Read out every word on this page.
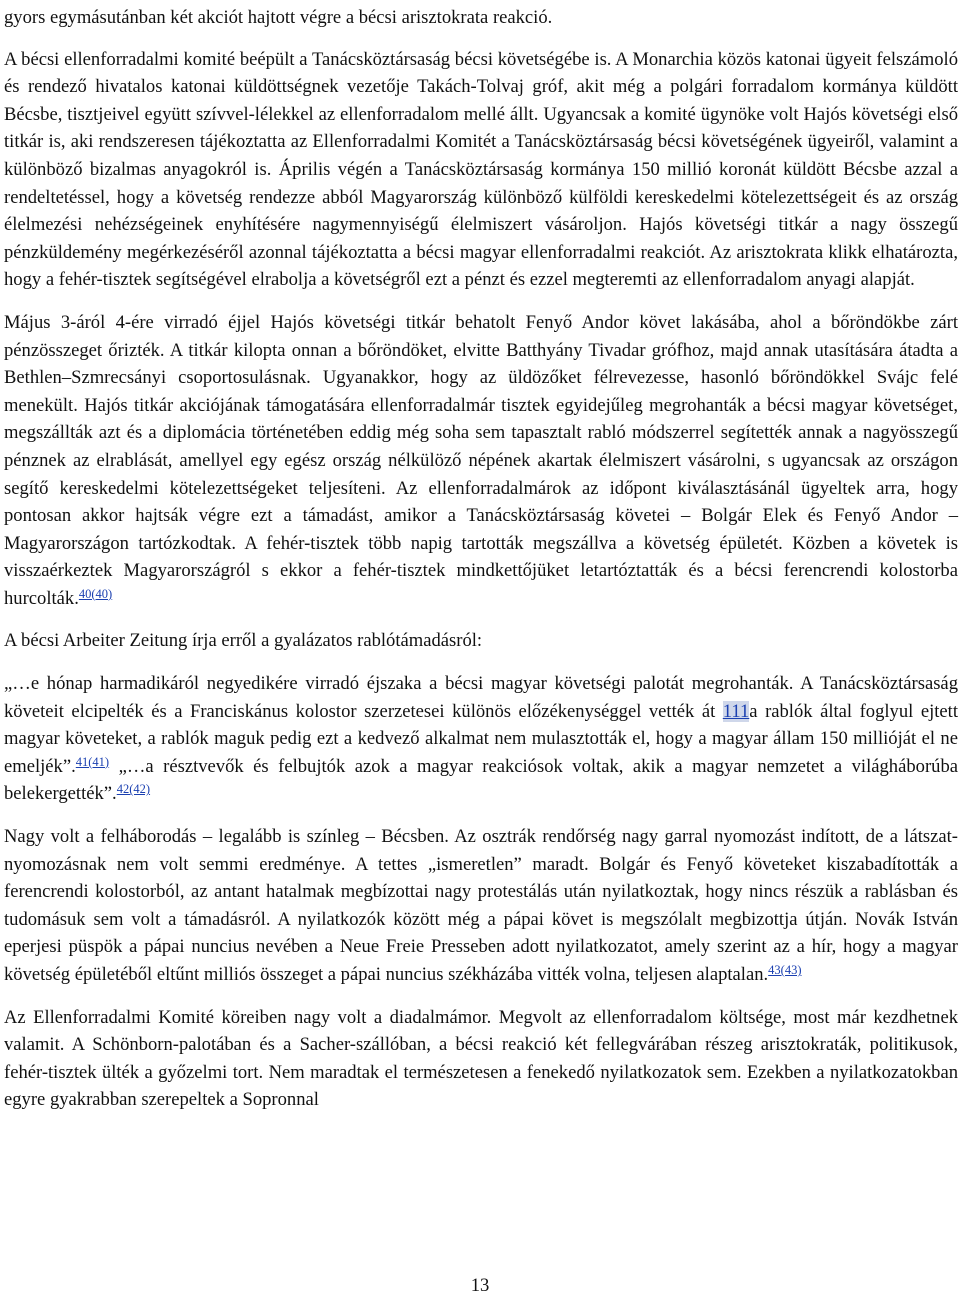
gyors egymásutánban két akciót hajtott végre a bécsi arisztokrata reakció.

A bécsi ellenforradalmi komité beépült a Tanácsköztársaság bécsi követségébe is. A Monarchia közös katonai ügyeit felszámoló és rendező hivatalos katonai küldöttségnek vezetője Takách-Tolvaj gróf, akit még a polgári forradalom kormánya küldött Bécsbe, tisztjeivel együtt szívvel-lélekkel az ellenforradalom mellé állt. Ugyancsak a komité ügynöke volt Hajós követségi első titkár is, aki rendszeresen tájékoztatta az Ellenforradalmi Komitét a Tanácsköztársaság bécsi követségének ügyeiről, valamint a különböző bizalmas anyagokról is. Április végén a Tanácsköztársaság kormánya 150 millió koronát küldött Bécsbe azzal a rendeltetéssel, hogy a követség rendezze abból Magyarország különböző külföldi kereskedelmi kötelezettségeit és az ország élelmezési nehézségeinek enyhítésére nagymennyiségű élelmiszert vásároljon. Hajós követségi titkár a nagy összegű pénzküldemény megérkezéséről azonnal tájékoztatta a bécsi magyar ellenforradalmi reakciót. Az arisztokrata klikk elhatározta, hogy a fehér-tisztek segítségével elrabolja a követségről ezt a pénzt és ezzel megteremti az ellenforradalom anyagi alapját.

Május 3-áról 4-ére virradó éjjel Hajós követségi titkár behatolt Fenyő Andor követ lakásába, ahol a bőröndökbe zárt pénzösszeget őrizték. A titkár kilopta onnan a bőröndöket, elvitte Batthyány Tivadar grófhoz, majd annak utasítására átadta a Bethlen–Szmrecsányi csoportosulásnak. Ugyanakkor, hogy az üldözőket félrevezesse, hasonló bőröndökkel Svájc felé menekült. Hajós titkár akciójának támogatására ellenforradalmár tisztek egyidejűleg megrohanták a bécsi magyar követséget, megszállták azt és a diplomácia történetében eddig még soha sem tapasztalt rabló módszerrel segítették annak a nagyösszegű pénznek az elrablását, amellyel egy egész ország nélkülöző népének akartak élelmiszert vásárolni, s ugyancsak az országon segítő kereskedelmi kötelezettségeket teljesíteni. Az ellenforradalmárok az időpont kiválasztásánál ügyeltek arra, hogy pontosan akkor hajtsák végre ezt a támadást, amikor a Tanácsköztársaság követei – Bolgár Elek és Fenyő Andor – Magyarországon tartózkodtak. A fehér-tisztek több napig tartották megszállva a követség épületét. Közben a követek is visszaérkeztek Magyarországról s ekkor a fehér-tisztek mindkettőjüket letartóztatták és a bécsi ferencrendi kolostorba hurcolták.$^{40(40)}$

A bécsi Arbeiter Zeitung írja erről a gyalázatos rablótámadásról:

„…e hónap harmadikáról negyedikére virradó éjszaka a bécsi magyar követségi palotát megrohanták. A Tanácsköztársaság követeit elcipelték és a Franciskánus kolostor szerzetesei különös előzékenységgel vették át 111a rablók által foglyul ejtett magyar követeket, a rablók maguk pedig ezt a kedvező alkalmat nem mulasztották el, hogy a magyar állam 150 millióját el ne emeljék”.$^{41(41)}$ „…a résztvevők és felbujtók azok a magyar reakciósok voltak, akik a magyar nemzetet a világháborúba belekergették”.$^{42(42)}$

Nagy volt a felháborodás – legalább is színleg – Bécsben. Az osztrák rendőrség nagy garral nyomozást indított, de a látszat-nyomozásnak nem volt semmi eredménye. A tettes „ismeretlen” maradt. Bolgár és Fenyő követeket kiszabadították a ferencrendi kolostorból, az antant hatalmak megbízottai nagy protestálás után nyilatkoztak, hogy nincs részük a rablásban és tudomásuk sem volt a támadásról. A nyilatkozók között még a pápai követ is megszólalt megbizottja útján. Novák István eperjesi püspök a pápai nuncius nevében a Neue Freie Presseben adott nyilatkozatot, amely szerint az a hír, hogy a magyar követség épületéből eltűnt milliós összeget a pápai nuncius székházába vitték volna, teljesen alaptalan.$^{43(43)}$

Az Ellenforradalmi Komité köreiben nagy volt a diadalmámor. Megvolt az ellenforradalom költsége, most már kezdhetnek valamit. A Schönborn-palotában és a Sacher-szállóban, a bécsi reakció két fellegvárában részeg arisztokraták, politikusok, fehér-tisztek ülték a győzelmi tort. Nem maradtak el természetesen a fenekedő nyilatkozatok sem. Ezekben a nyilatkozatokban egyre gyakrabban szerepeltek a Sopronnal

13
